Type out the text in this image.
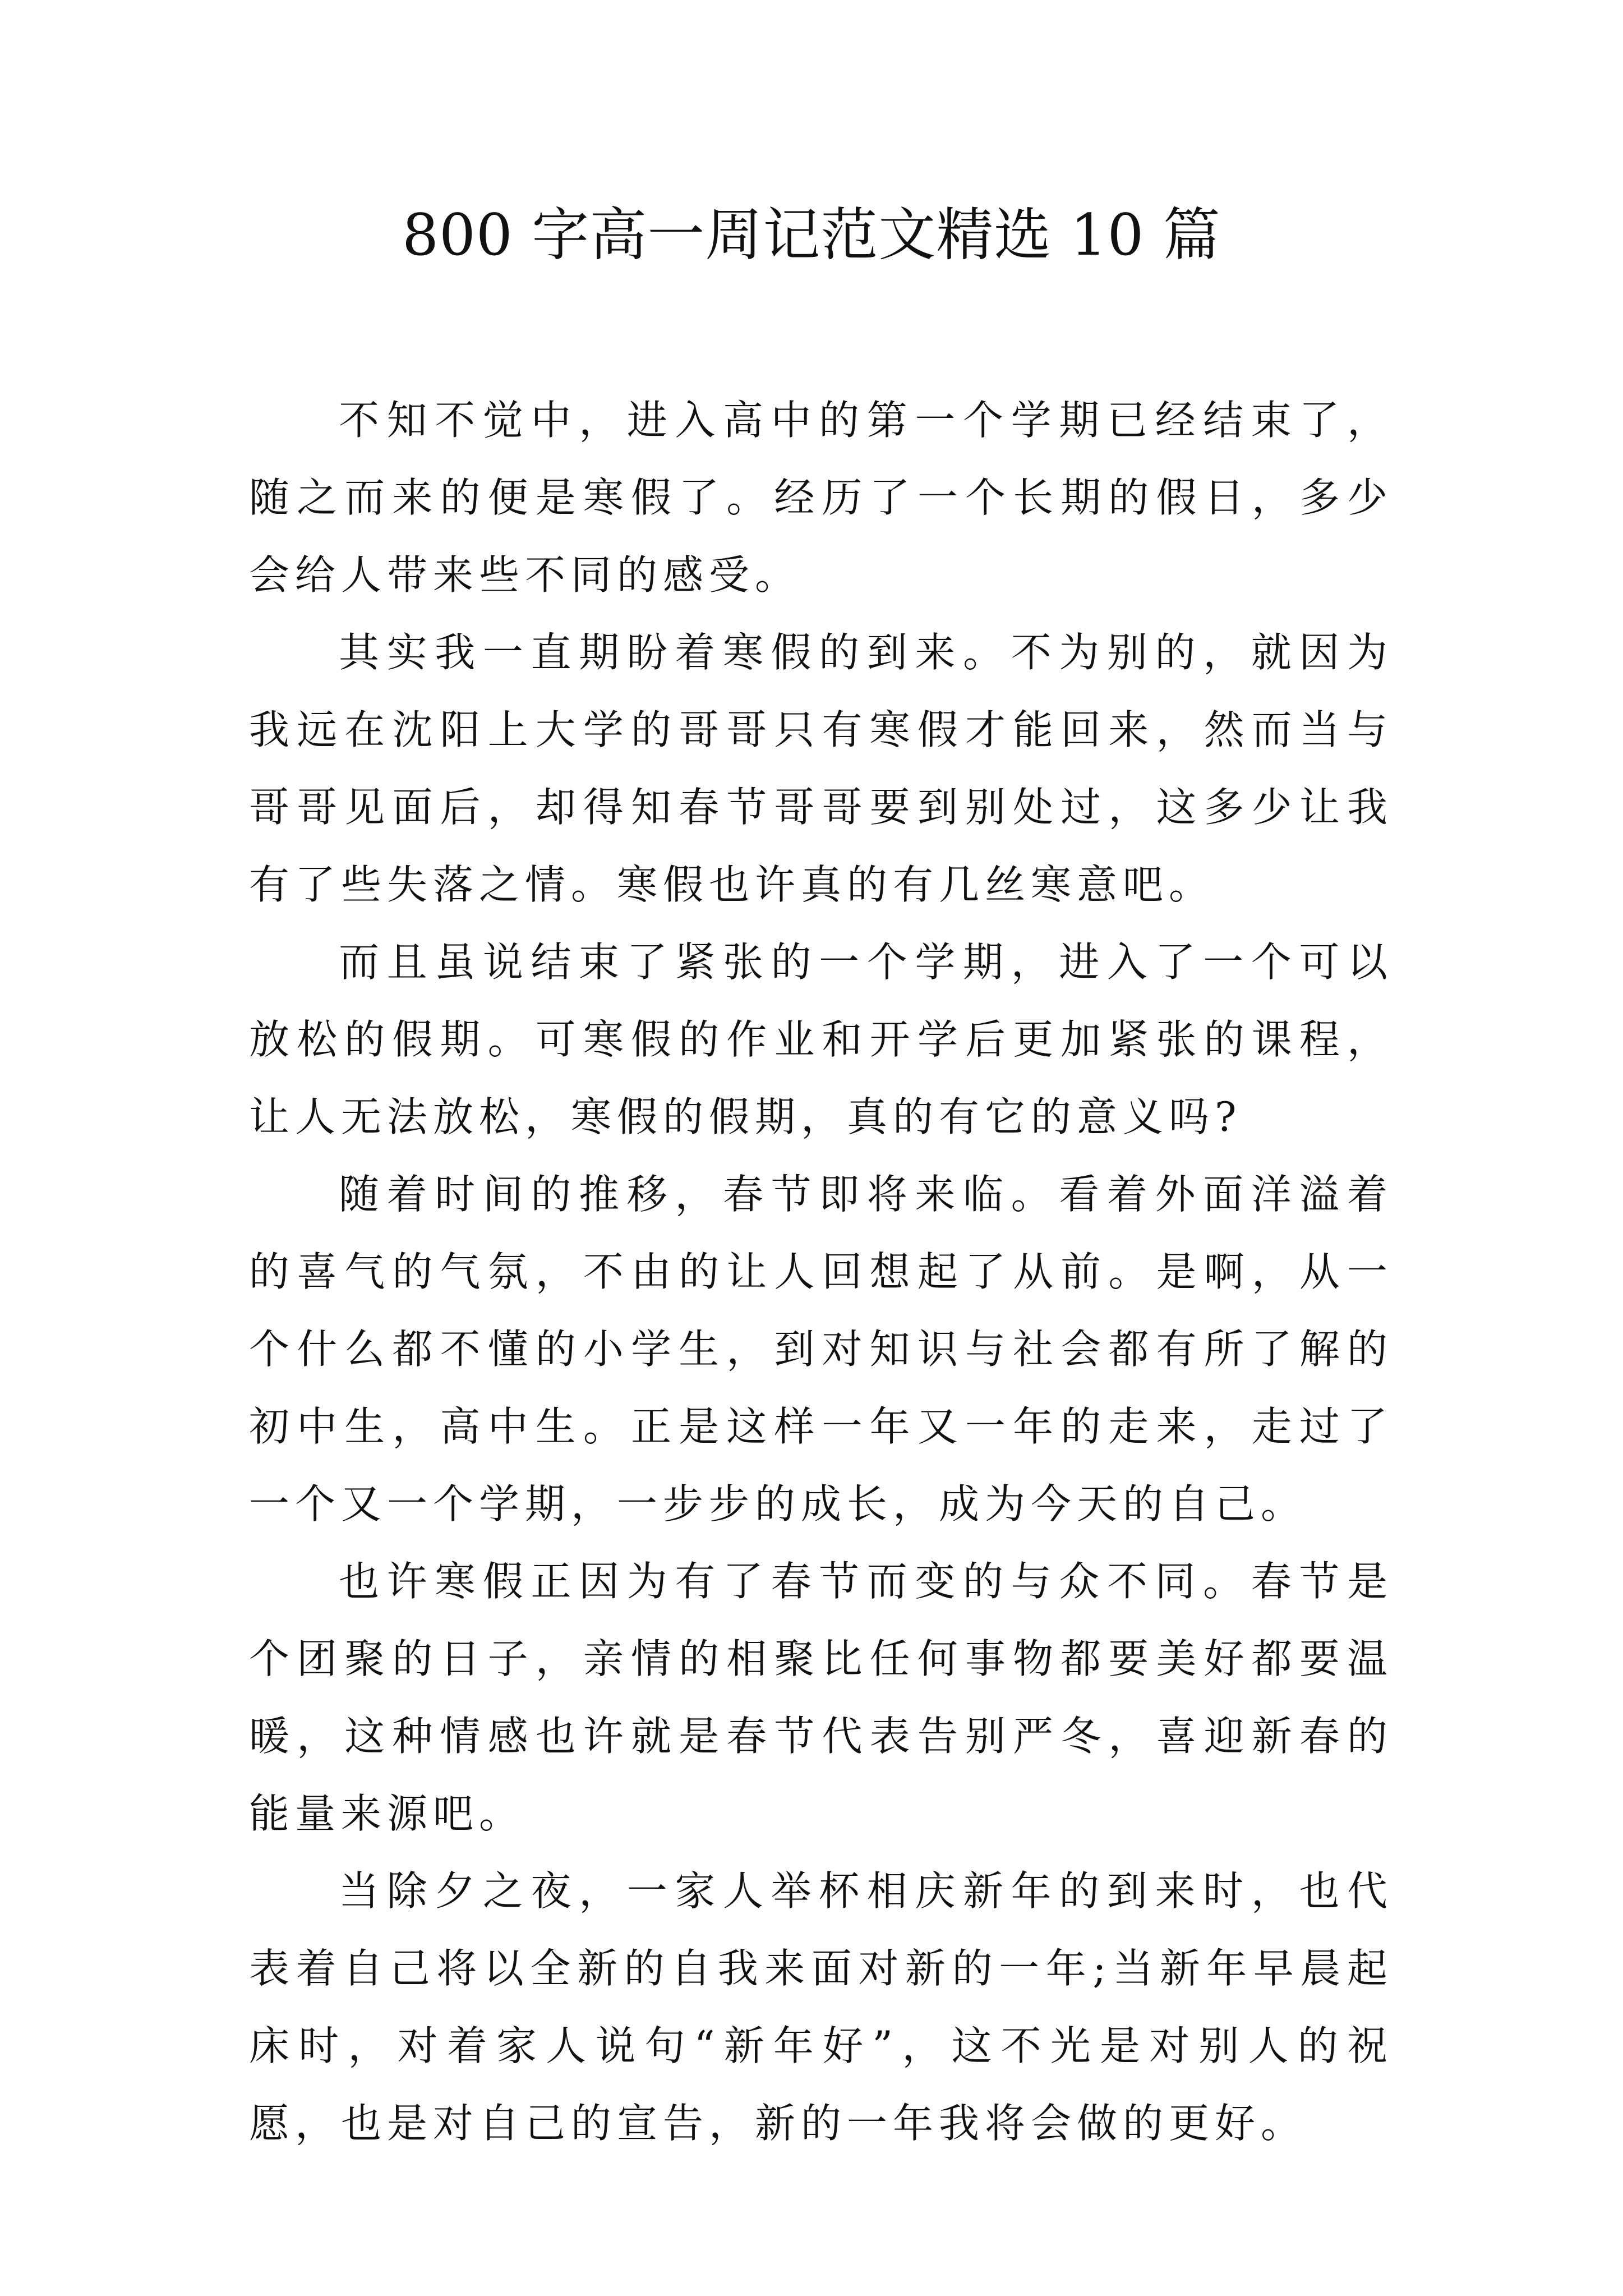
800 字高一周记范文精选 10 篇

不知不觉中，进入高中的第一个学期已经结束了，随之而来的便是寒假了。经历了一个长期的假日，多少会给人带来些不同的感受。

其实我一直期盼着寒假的到来。不为别的，就因为我远在沈阳上大学的哥哥只有寒假才能回来，然而当与哥哥见面后，却得知春节哥哥要到别处过，这多少让我有了些失落之情。寒假也许真的有几丝寒意吧。

而且虽说结束了紧张的一个学期，进入了一个可以放松的假期。可寒假的作业和开学后更加紧张的课程，让人无法放松，寒假的假期，真的有它的意义吗?

随着时间的推移，春节即将来临。看着外面洋溢着的喜气的气氛，不由的让人回想起了从前。是啊，从一个什么都不懂的小学生，到对知识与社会都有所了解的初中生，高中生。正是这样一年又一年的走来，走过了一个又一个学期，一步步的成长，成为今天的自己。

也许寒假正因为有了春节而变的与众不同。春节是个团聚的日子，亲情的相聚比任何事物都要美好都要温暖，这种情感也许就是春节代表告别严冬，喜迎新春的能量来源吧。

当除夕之夜，一家人举杯相庆新年的到来时，也代表着自己将以全新的自我来面对新的一年;当新年早晨起床时，对着家人说句“新年好”，这不光是对别人的祝愿，也是对自己的宣告，新的一年我将会做的更好。
